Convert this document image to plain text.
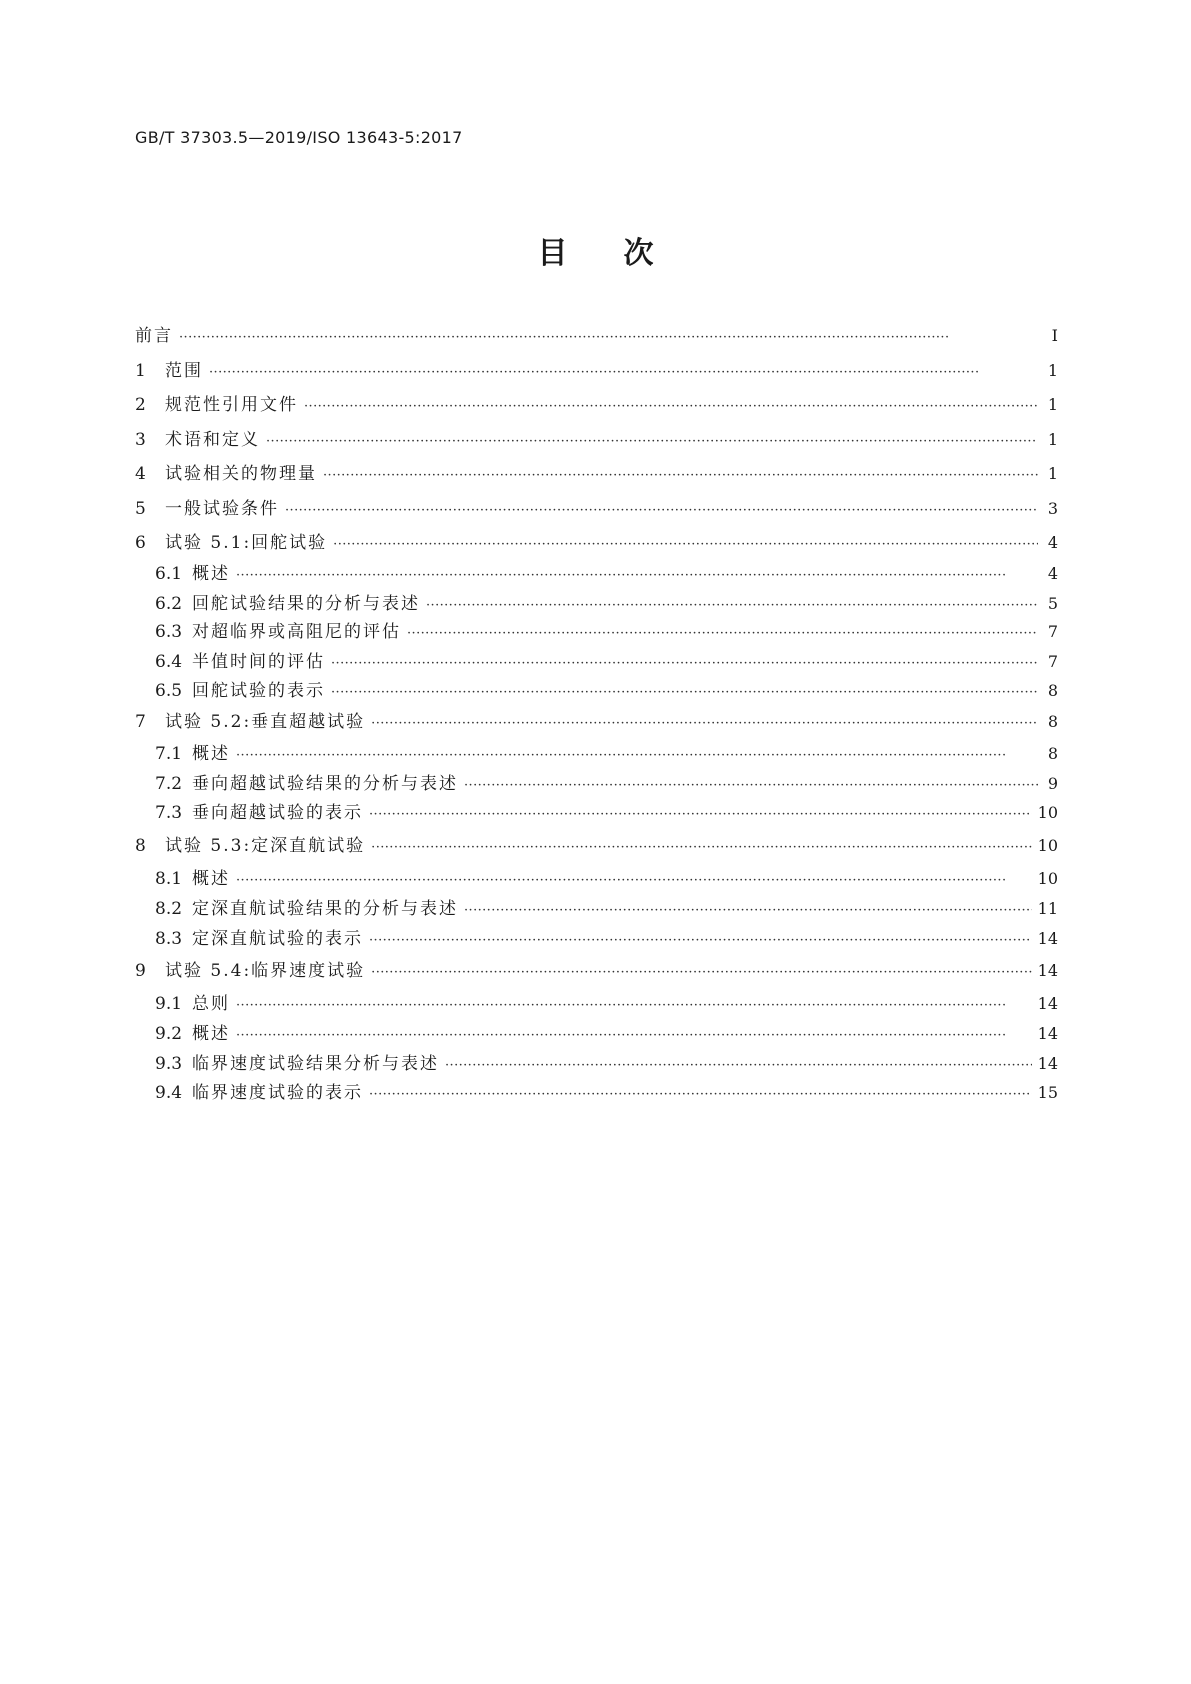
GB/T 37303.5—2019/ISO 13643-5:2017
目次
前言 ·····	Ⅰ
1	范围 ·····	1
2	规范性引用文件 ·····	1
3	术语和定义 ·····	1
4	试验相关的物理量 ·····	1
5	一般试验条件 ·····	3
6	试验 5.1:回舵试验 ·····	4
6.1 概述 ·····	4
6.2 回舵试验结果的分析与表述 ·····	5
6.3 对超临界或高阻尼的评估 ·····	7
6.4 半值时间的评估 ·····	7
6.5 回舵试验的表示 ·····	8
7	试验 5.2:垂直超越试验 ·····	8
7.1 概述 ·····	8
7.2 垂向超越试验结果的分析与表述 ·····	9
7.3 垂向超越试验的表示 ·····	10
8	试验 5.3:定深直航试验 ·····	10
8.1 概述 ·····	10
8.2 定深直航试验结果的分析与表述 ·····	11
8.3 定深直航试验的表示 ·····	14
9	试验 5.4:临界速度试验 ·····	14
9.1 总则 ·····	14
9.2 概述 ·····	14
9.3 临界速度试验结果分析与表述 ·····	14
9.4 临界速度试验的表示 ·····	15
